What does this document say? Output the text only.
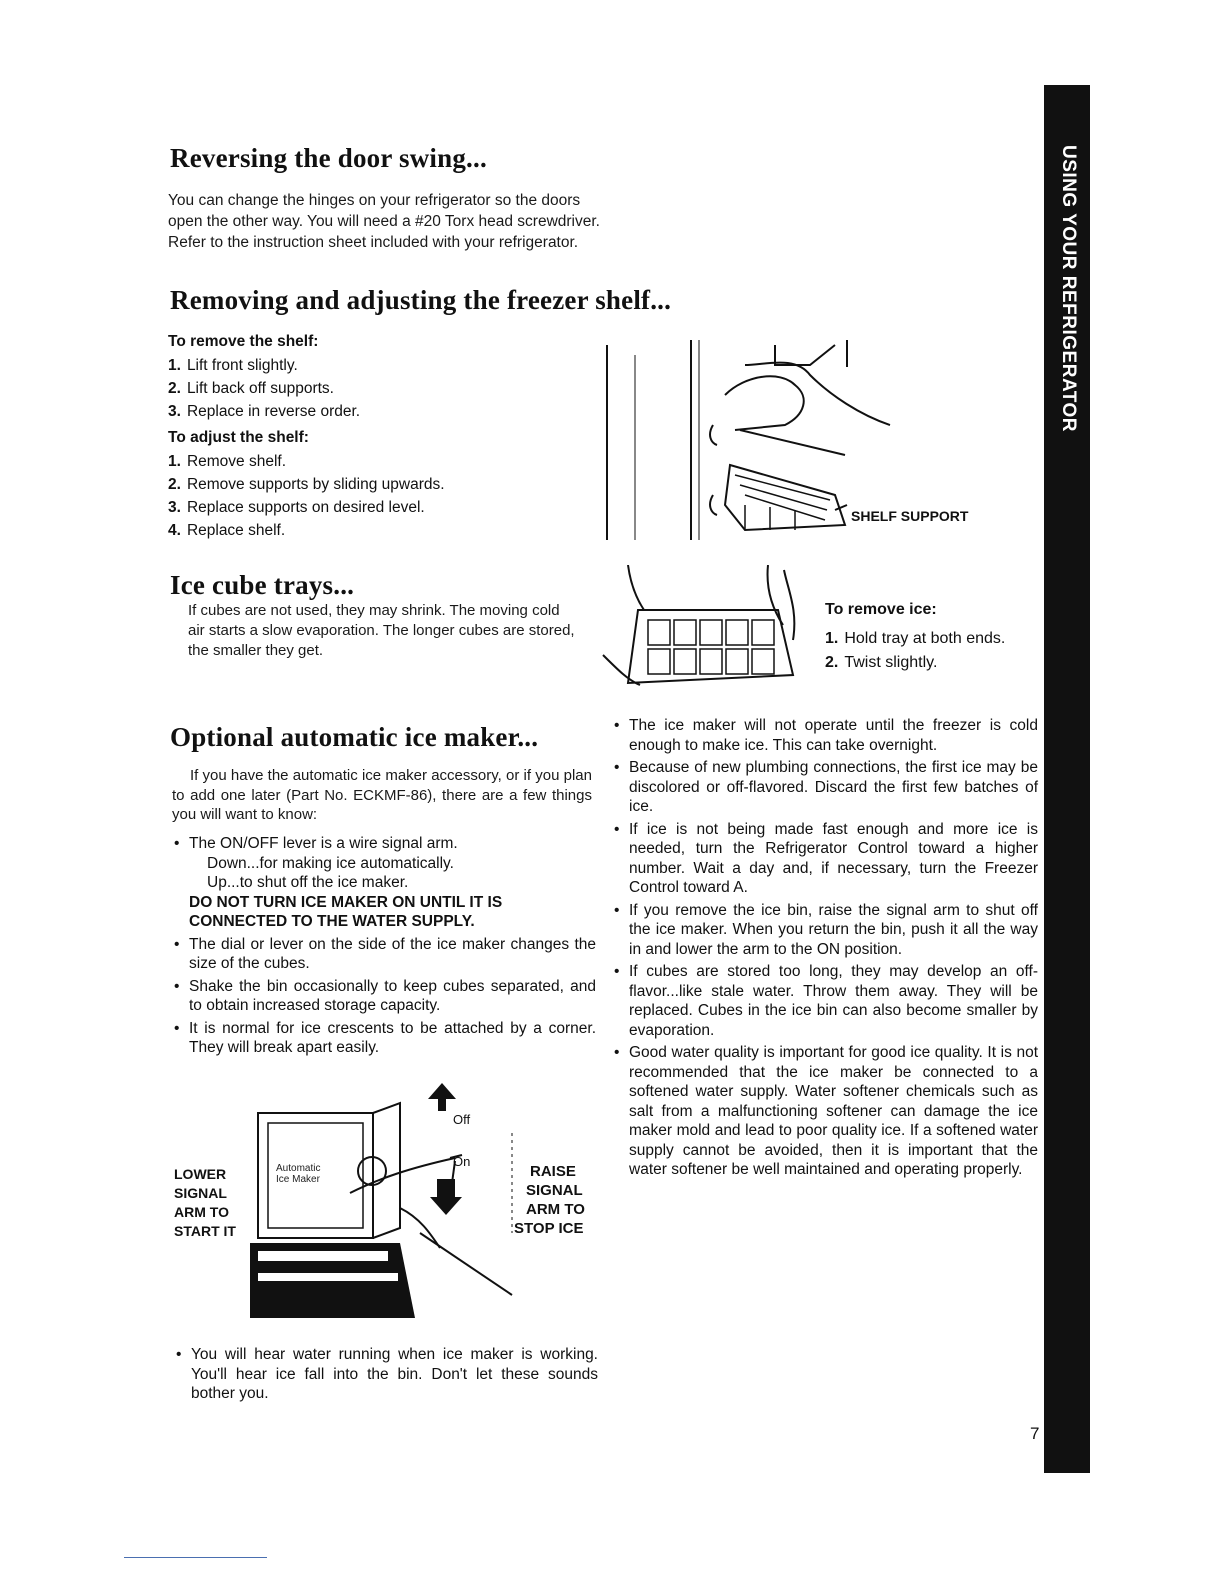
USING YOUR REFRIGERATOR
Reversing the door swing...

You can change the hinges on your refrigerator so the doors open the other way. You will need a #20 Torx head screwdriver. Refer to the instruction sheet included with your refrigerator.

Removing and adjusting the freezer shelf...

To remove the shelf:

1. Lift front slightly.
2. Lift back off supports.
3. Replace in reverse order.

To adjust the shelf:

1. Remove shelf.
2. Remove supports by sliding upwards.
3. Replace supports on desired level.
4. Replace shelf.
SHELF SUPPORT
Ice cube trays...

If cubes are not used, they may shrink. The moving cold air starts a slow evaporation. The longer cubes are stored, the smaller they get.

To remove ice:

1. Hold tray at both ends.
2. Twist slightly.
Optional automatic ice maker...

If you have the automatic ice maker accessory, or if you plan to add one later (Part No. ECKMF-86), there are a few things you will want to know:

• The ON/OFF lever is a wire signal arm.
Down...for making ice automatically.
Up...to shut off the ice maker.
DO NOT TURN ICE MAKER ON UNTIL IT IS CONNECTED TO THE WATER SUPPLY.
• The dial or lever on the side of the ice maker changes the size of the cubes.
• Shake the bin occasionally to keep cubes separated, and to obtain increased storage capacity.
• It is normal for ice crescents to be attached by a corner. They will break apart easily.
Off
On
Automatic
Ice Maker
LOWER
SIGNAL
ARM TO
START IT
RAISE
SIGNAL
ARM TO
STOP ICE
• You will hear water running when ice maker is working. You'll hear ice fall into the bin. Don't let these sounds bother you.
• The ice maker will not operate until the freezer is cold enough to make ice. This can take overnight.
• Because of new plumbing connections, the first ice may be discolored or off-flavored. Discard the first few batches of ice.
• If ice is not being made fast enough and more ice is needed, turn the Refrigerator Control toward a higher number. Wait a day and, if necessary, turn the Freezer Control toward A.
• If you remove the ice bin, raise the signal arm to shut off the ice maker. When you return the bin, push it all the way in and lower the arm to the ON position.
• If cubes are stored too long, they may develop an off-flavor...like stale water. Throw them away. They will be replaced. Cubes in the ice bin can also become smaller by evaporation.
• Good water quality is important for good ice quality. It is not recommended that the ice maker be connected to a softened water supply. Water softener chemicals such as salt from a malfunctioning softener can damage the ice maker mold and lead to poor quality ice. If a softened water supply cannot be avoided, then it is important that the water softener be well maintained and operating properly.
7
